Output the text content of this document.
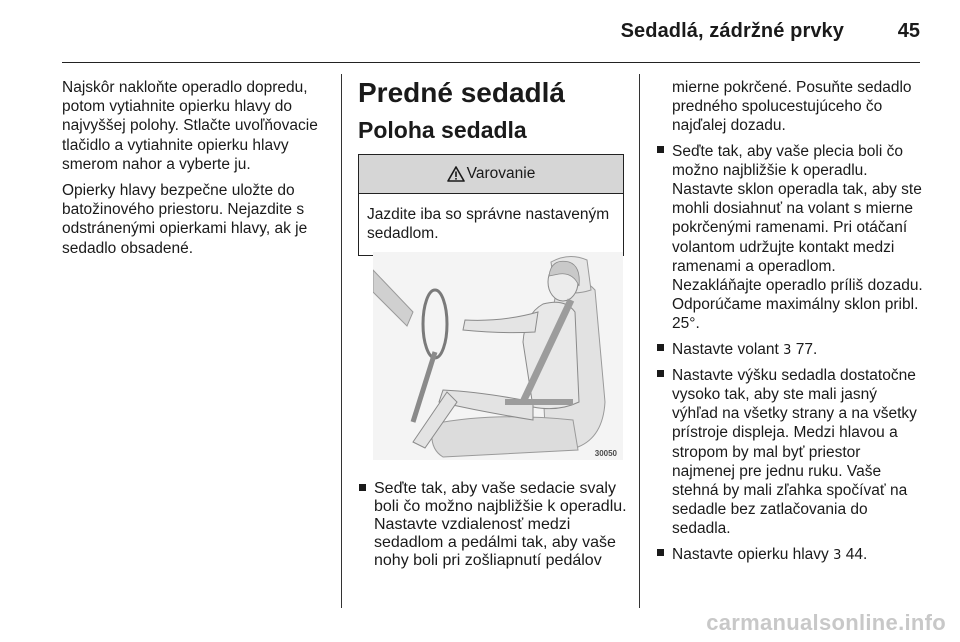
Sedadlá, zádržné prvky	45

Najskôr nakloňte operadlo dopredu, potom vytiahnite opierku hlavy do najvyššej polohy. Stlačte uvoľňovacie tlačidlo a vytiahnite opierku hlavy smerom nahor a vyberte ju.

Opierky hlavy bezpečne uložte do batožinového priestoru. Nejazdite s odstránenými opierkami hlavy, ak je sedadlo obsadené.

Predné sedadlá
Poloha sedadla
Varovanie
Jazdite iba so správne nastaveným sedadlom.
30050
Seďte tak, aby vaše sedacie svaly boli čo možno najbližšie k operadlu. Nastavte vzdialenosť medzi sedadlom a pedálmi tak, aby vaše nohy boli pri zošliapnutí pedálov

mierne pokrčené. Posuňte sedadlo predného spolucestujúceho čo najďalej dozadu.

Seďte tak, aby vaše plecia boli čo možno najbližšie k operadlu. Nastavte sklon operadla tak, aby ste mohli dosiahnuť na volant s mierne pokrčenými ramenami. Pri otáčaní volantom udržujte kontakt medzi ramenami a operadlom. Nezakláňajte operadlo príliš dozadu. Odporúčame maximálny sklon pribl. 25°.
Nastavte volant 3 77.
Nastavte výšku sedadla dostatočne vysoko tak, aby ste mali jasný výhľad na všetky strany a na všetky prístroje displeja. Medzi hlavou a stropom by mal byť priestor najmenej pre jednu ruku. Vaše stehná by mali zľahka spočívať na sedadle bez zatlačovania do sedadla.
Nastavte opierku hlavy 3 44.
carmanualsonline.info
